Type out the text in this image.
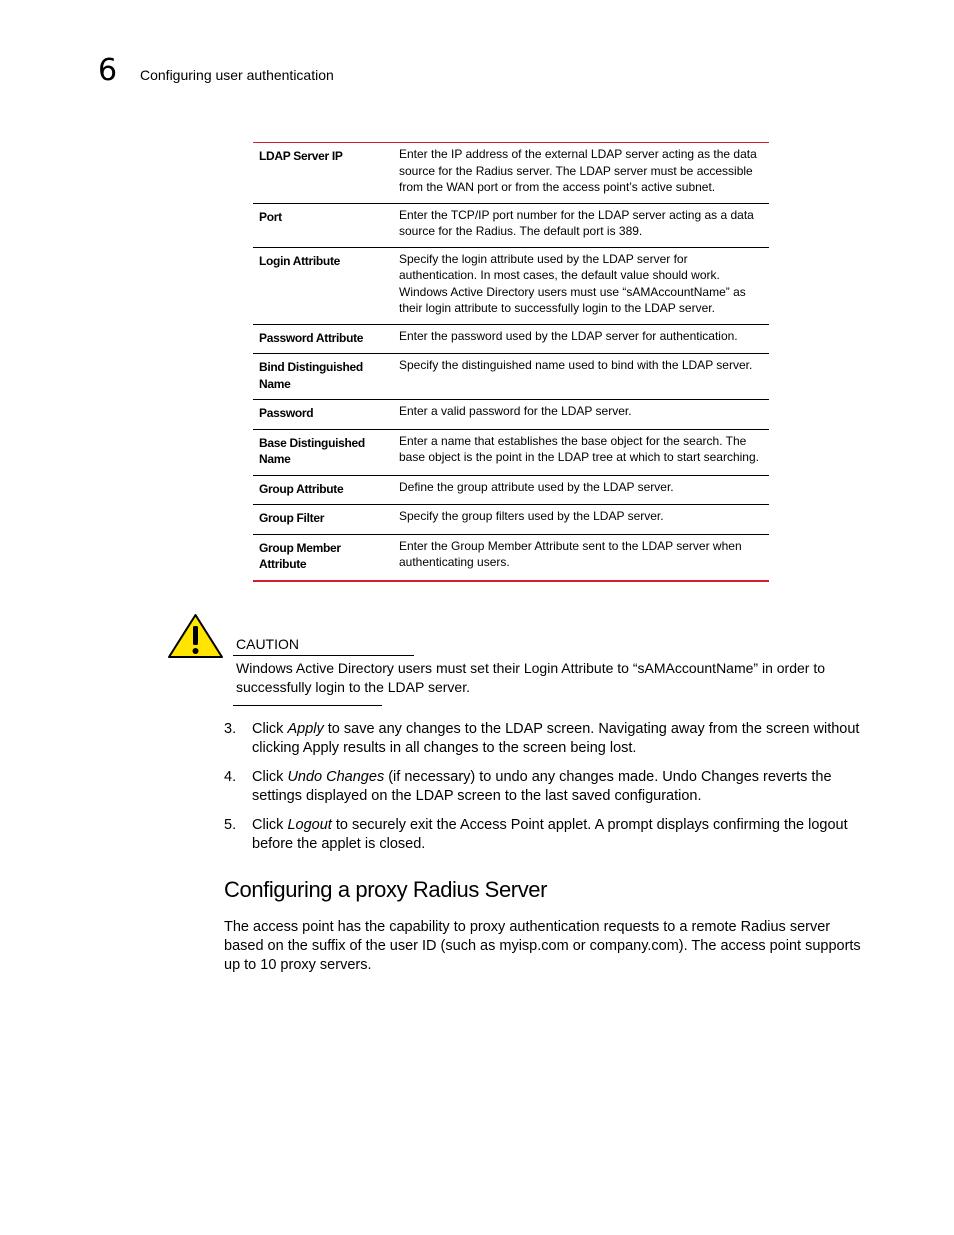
6 Configuring user authentication
LDAP Server IP	Enter the IP address of the external LDAP server acting as the data source for the Radius server. The LDAP server must be accessible from the WAN port or from the access point’s active subnet.
Port	Enter the TCP/IP port number for the LDAP server acting as a data source for the Radius. The default port is 389.
Login Attribute	Specify the login attribute used by the LDAP server for authentication. In most cases, the default value should work. Windows Active Directory users must use “sAMAccountName” as their login attribute to successfully login to the LDAP server.
Password Attribute	Enter the password used by the LDAP server for authentication.
Bind Distinguished Name	Specify the distinguished name used to bind with the LDAP server.
Password	Enter a valid password for the LDAP server.
Base Distinguished Name	Enter a name that establishes the base object for the search. The base object is the point in the LDAP tree at which to start searching.
Group Attribute	Define the group attribute used by the LDAP server.
Group Filter	Specify the group filters used by the LDAP server.
Group Member Attribute	Enter the Group Member Attribute sent to the LDAP server when authenticating users.
CAUTION
Windows Active Directory users must set their Login Attribute to “sAMAccountName” in order to successfully login to the LDAP server.
3.	Click Apply to save any changes to the LDAP screen. Navigating away from the screen without clicking Apply results in all changes to the screen being lost.
4.	Click Undo Changes (if necessary) to undo any changes made. Undo Changes reverts the settings displayed on the LDAP screen to the last saved configuration.
5.	Click Logout to securely exit the Access Point applet. A prompt displays confirming the logout before the applet is closed.
Configuring a proxy Radius Server

The access point has the capability to proxy authentication requests to a remote Radius server based on the suffix of the user ID (such as myisp.com or company.com). The access point supports up to 10 proxy servers.
